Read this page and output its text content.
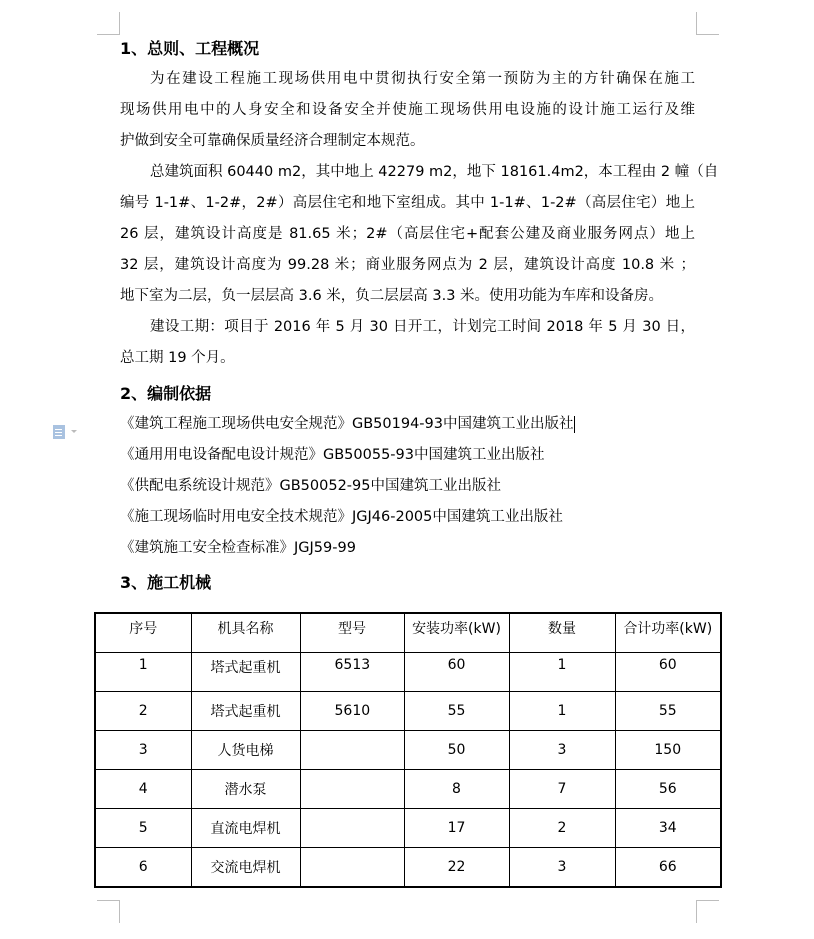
1、总则、工程概况
为在建设工程施工现场供用电中贯彻执行安全第一预防为主的方针确保在施工
现场供用电中的人身安全和设备安全并使施工现场供用电设施的设计施工运行及维
护做到安全可靠确保质量经济合理制定本规范。
总建筑面积 60440 m2，其中地上 42279 m2，地下 18161.4m2，本工程由 2 幢（自
编号 1-1#、1-2#，2#）高层住宅和地下室组成。其中 1-1#、1-2#（高层住宅）地上
26 层，建筑设计高度是 81.65 米；2#（高层住宅+配套公建及商业服务网点）地上
32 层，建筑设计高度为 99.28 米；商业服务网点为 2 层，建筑设计高度 10.8 米 ；
地下室为二层，负一层层高 3.6 米，负二层层高 3.3 米。使用功能为车库和设备房。
建设工期：项目于 2016 年 5 月 30 日开工，计划完工时间 2018 年 5 月 30 日，
总工期 19 个月。
2、编制依据
《建筑工程施工现场供电安全规范》GB50194-93中国建筑工业出版社
《通用用电设备配电设计规范》GB50055-93中国建筑工业出版社
《供配电系统设计规范》GB50052-95中国建筑工业出版社
《施工现场临时用电安全技术规范》JGJ46-2005中国建筑工业出版社
《建筑施工安全检查标准》JGJ59-99
3、施工机械
序号	机具名称	型号	安装功率(kW)	数量	合计功率(kW)
1	塔式起重机	6513	60	1	60
2	塔式起重机	5610	55	1	55
3	人货电梯		50	3	150
4	潜水泵		8	7	56
5	直流电焊机		17	2	34
6	交流电焊机		22	3	66
